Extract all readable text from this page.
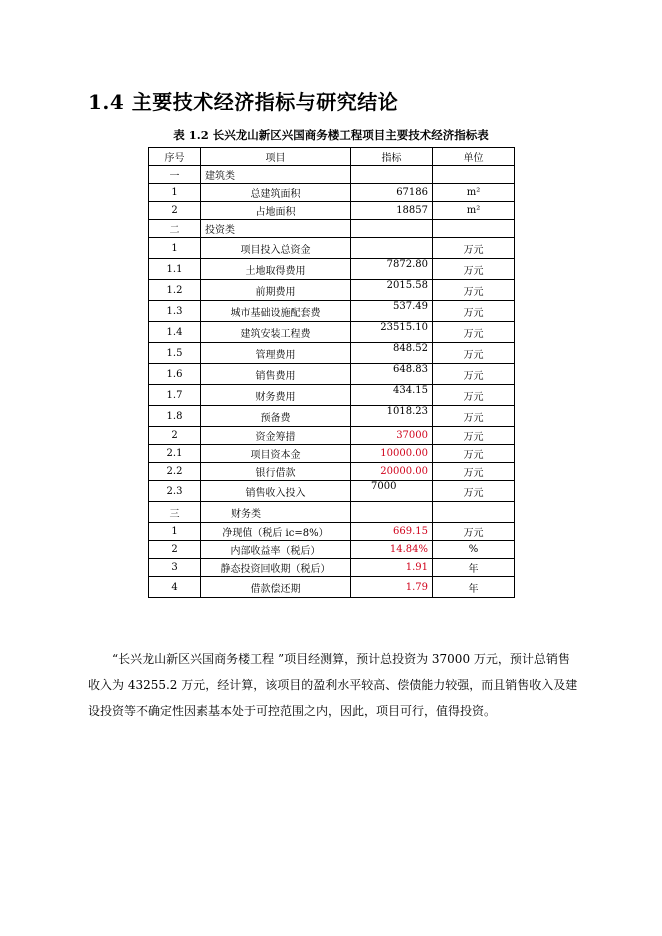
1.4 主要技术经济指标与研究结论
表 1.2 长兴龙山新区兴国商务楼工程项目主要技术经济指标表
序号	项目	指标	单位
一	建筑类		
1	总建筑面积	67186	m²
2	占地面积	18857	m²
二	投资类		
1	项目投入总资金		万元
1.1	土地取得费用	7872.80	万元
1.2	前期费用	2015.58	万元
1.3	城市基础设施配套费	537.49	万元
1.4	建筑安装工程费	23515.10	万元
1.5	管理费用	848.52	万元
1.6	销售费用	648.83	万元
1.7	财务费用	434.15	万元
1.8	预备费	1018.23	万元
2	资金筹措	37000	万元
2.1	项目资本金	10000.00	万元
2.2	银行借款	20000.00	万元
2.3	销售收入投入	7000	万元
三	财务类		
1	净现值（税后 ic=8%）	669.15	万元
2	内部收益率（税后）	14.84%	%
3	静态投资回收期（税后）	1.91	年
4	借款偿还期	1.79	年

“长兴龙山新区兴国商务楼工程 ”项目经测算，预计总投资为 37000 万元，预计总销售收入为 43255.2 万元，经计算，该项目的盈利水平较高、偿债能力较强，而且销售收入及建设投资等不确定性因素基本处于可控范围之内，因此，项目可行，值得投资。
